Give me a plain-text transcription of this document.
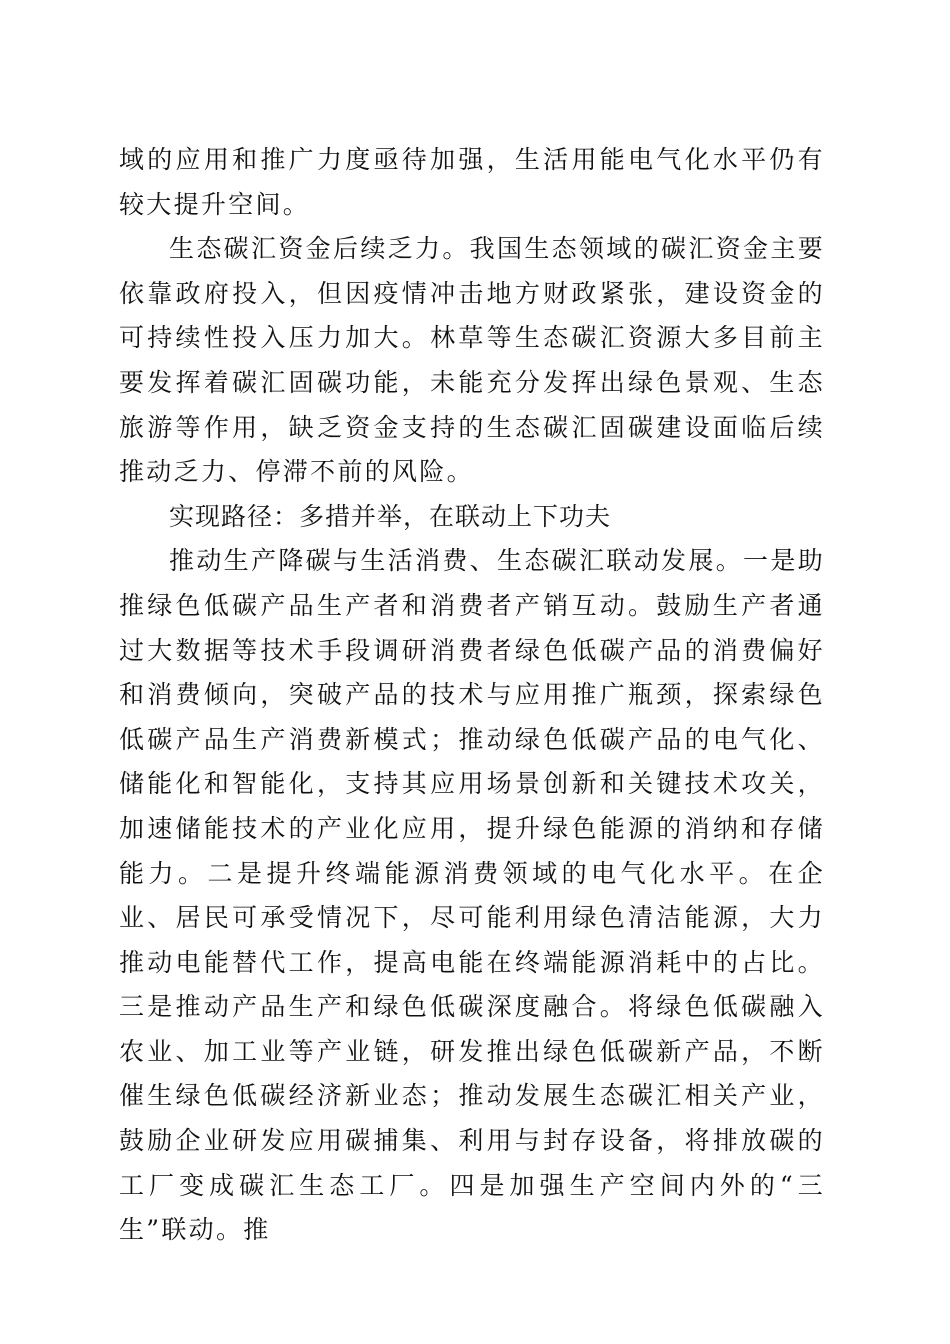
域的应用和推广力度亟待加强，生活用能电气化水平仍有较大提升空间。

生态碳汇资金后续乏力。我国生态领域的碳汇资金主要依靠政府投入，但因疫情冲击地方财政紧张，建设资金的可持续性投入压力加大。林草等生态碳汇资源大多目前主要发挥着碳汇固碳功能，未能充分发挥出绿色景观、生态旅游等作用，缺乏资金支持的生态碳汇固碳建设面临后续推动乏力、停滞不前的风险。

实现路径：多措并举，在联动上下功夫

推动生产降碳与生活消费、生态碳汇联动发展。一是助推绿色低碳产品生产者和消费者产销互动。鼓励生产者通过大数据等技术手段调研消费者绿色低碳产品的消费偏好和消费倾向，突破产品的技术与应用推广瓶颈，探索绿色低碳产品生产消费新模式；推动绿色低碳产品的电气化、储能化和智能化，支持其应用场景创新和关键技术攻关，加速储能技术的产业化应用，提升绿色能源的消纳和存储能力。二是提升终端能源消费领域的电气化水平。在企业、居民可承受情况下，尽可能利用绿色清洁能源，大力推动电能替代工作，提高电能在终端能源消耗中的占比。三是推动产品生产和绿色低碳深度融合。将绿色低碳融入农业、加工业等产业链，研发推出绿色低碳新产品，不断催生绿色低碳经济新业态；推动发展生态碳汇相关产业，鼓励企业研发应用碳捕集、利用与封存设备，将排放碳的工厂变成碳汇生态工厂。四是加强生产空间内外的“三生”联动。推
